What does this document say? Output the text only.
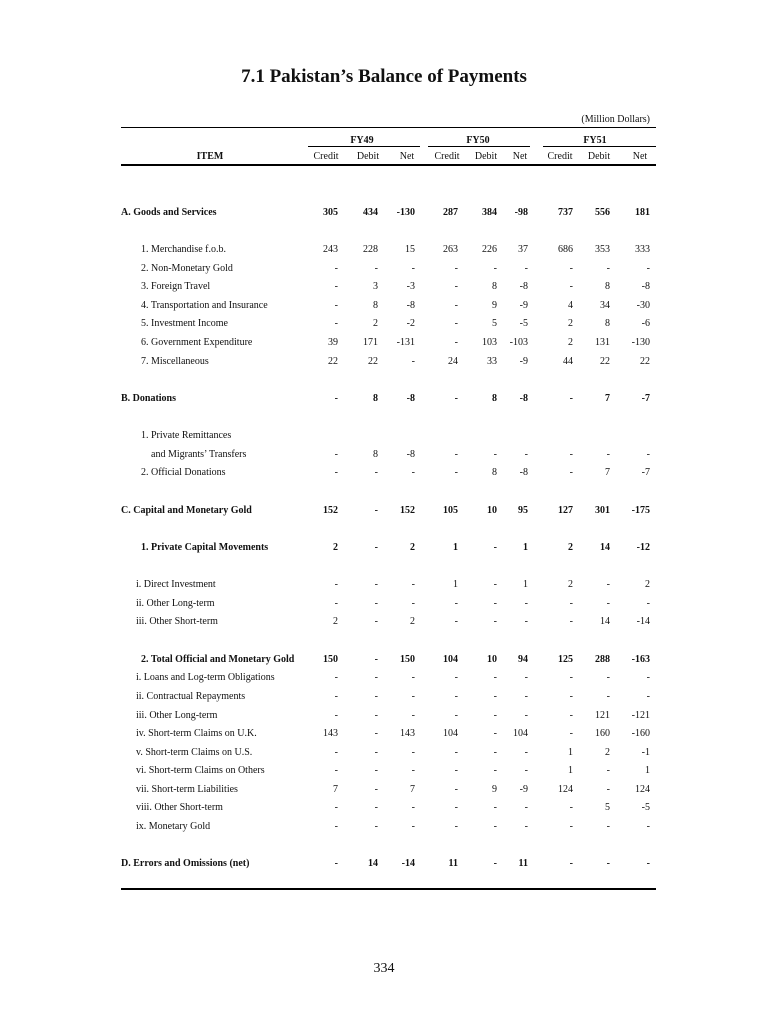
7.1 Pakistan’s Balance of Payments
(Million Dollars)
FY49	FY50	FY51
ITEM	Credit	Debit	Net	Credit	Debit	Net	Credit	Debit	Net
A. Goods and Services	305	434	-130	287	384	-98	737	556	181
1. Merchandise f.o.b.	243	228	15	263	226	37	686	353	333
2. Non-Monetary Gold	-	-	-	-	-	-	-	-	-
3. Foreign Travel	-	3	-3	-	8	-8	-	8	-8
4. Transportation and Insurance	-	8	-8	-	9	-9	4	34	-30
5. Investment Income	-	2	-2	-	5	-5	2	8	-6
6. Government Expenditure	39	171	-131	-	103	-103	2	131	-130
7. Miscellaneous	22	22	-	24	33	-9	44	22	22
B. Donations	-	8	-8	-	8	-8	-	7	-7
1. Private Remittances
and Migrants’ Transfers	-	8	-8	-	-	-	-	-	-
2. Official Donations	-	-	-	-	8	-8	-	7	-7
C. Capital and Monetary Gold	152	-	152	105	10	95	127	301	-175
1. Private Capital Movements	2	-	2	1	-	1	2	14	-12
i. Direct Investment	-	-	-	1	-	1	2	-	2
ii. Other Long-term	-	-	-	-	-	-	-	-	-
iii. Other Short-term	2	-	2	-	-	-	-	14	-14
2. Total Official and Monetary Gold	150	-	150	104	10	94	125	288	-163
i. Loans and Log-term Obligations	-	-	-	-	-	-	-	-	-
ii. Contractual Repayments	-	-	-	-	-	-	-	-	-
iii. Other Long-term	-	-	-	-	-	-	-	121	-121
iv. Short-term Claims on U.K.	143	-	143	104	-	104	-	160	-160
v. Short-term Claims on U.S.	-	-	-	-	-	-	1	2	-1
vi. Short-term Claims on Others	-	-	-	-	-	-	1	-	1
vii. Short-term Liabilities	7	-	7	-	9	-9	124	-	124
viii. Other Short-term	-	-	-	-	-	-	-	5	-5
ix. Monetary Gold	-	-	-	-	-	-	-	-	-
D. Errors and Omissions (net)	-	14	-14	11	-	11	-	-	-
334
